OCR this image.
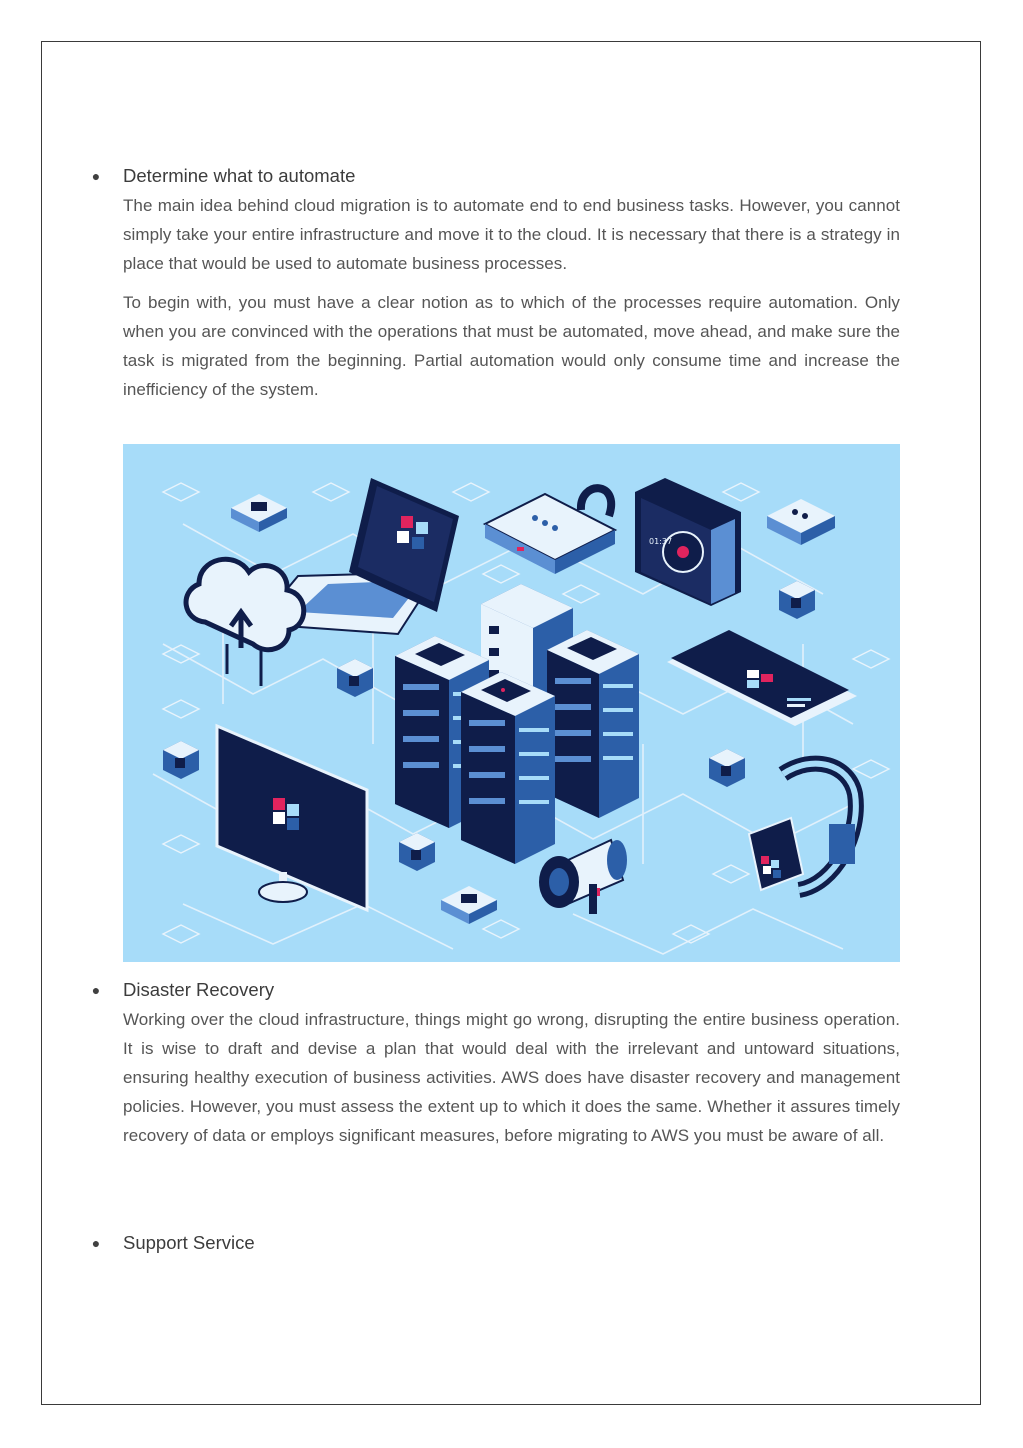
● Determine what to automate

The main idea behind cloud migration is to automate end to end business tasks. However, you cannot simply take your entire infrastructure and move it to the cloud. It is necessary that there is a strategy in place that would be used to automate business processes.

To begin with, you must have a clear notion as to which of the processes require automation. Only when you are convinced with the operations that must be automated, move ahead, and make sure the task is migrated from the beginning. Partial automation would only consume time and increase the inefficiency of the system.

01:37
● Disaster Recovery

Working over the cloud infrastructure, things might go wrong, disrupting the entire business operation. It is wise to draft and devise a plan that would deal with the irrelevant and untoward situations, ensuring healthy execution of business activities. AWS does have disaster recovery and management policies. However, you must assess the extent up to which it does the same. Whether it assures timely recovery of data or employs significant measures, before migrating to AWS you must be aware of all.

● Support Service
